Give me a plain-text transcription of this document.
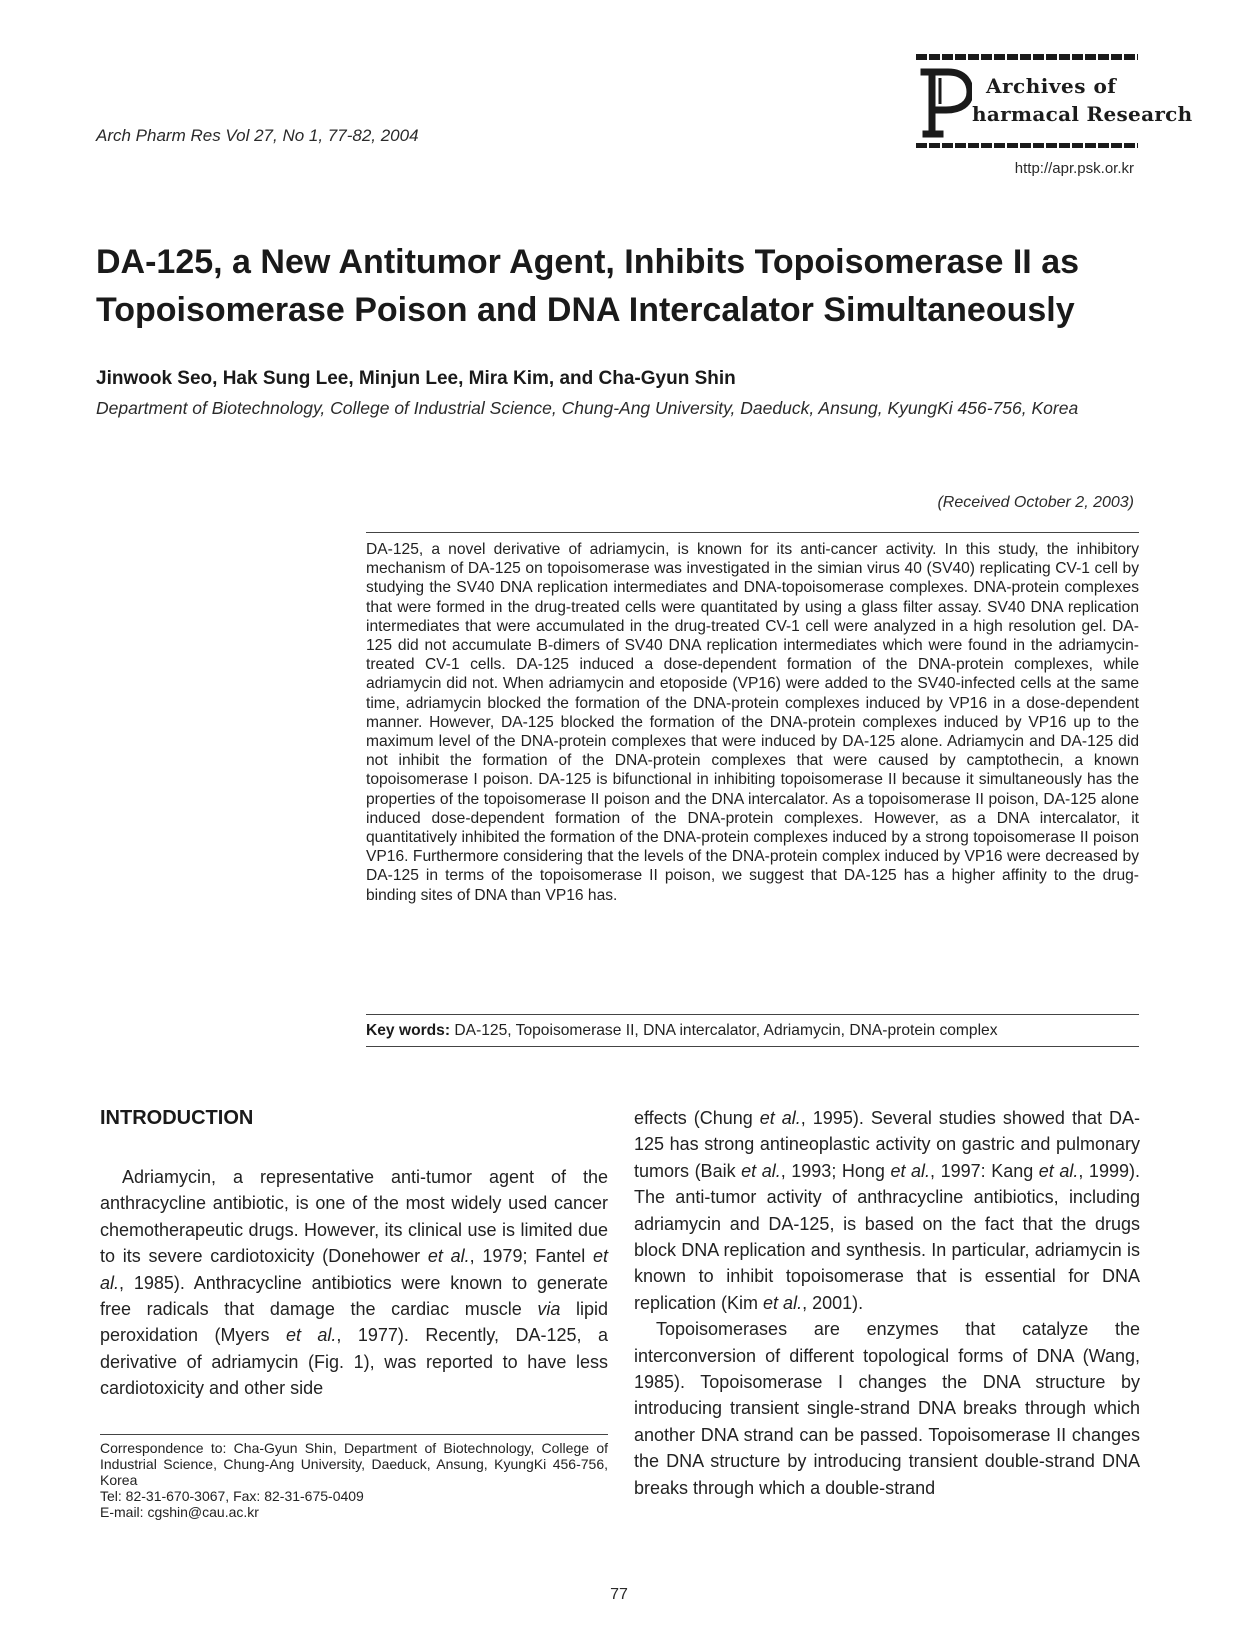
Arch Pharm Res Vol 27, No 1, 77-82, 2004
Archives of
harmacal Research
http://apr.psk.or.kr
DA-125, a New Antitumor Agent, Inhibits Topoisomerase II as Topoisomerase Poison and DNA Intercalator Simultaneously
Jinwook Seo, Hak Sung Lee, Minjun Lee, Mira Kim, and Cha-Gyun Shin
Department of Biotechnology, College of Industrial Science, Chung-Ang University, Daeduck, Ansung, KyungKi 456-756, Korea
(Received October 2, 2003)
DA-125, a novel derivative of adriamycin, is known for its anti-cancer activity. In this study, the inhibitory mechanism of DA-125 on topoisomerase was investigated in the simian virus 40 (SV40) replicating CV-1 cell by studying the SV40 DNA replication intermediates and DNA-topoisomerase complexes. DNA-protein complexes that were formed in the drug-treated cells were quantitated by using a glass filter assay. SV40 DNA replication intermediates that were accumulated in the drug-treated CV-1 cell were analyzed in a high resolution gel. DA-125 did not accumulate B-dimers of SV40 DNA replication intermediates which were found in the adriamycin-treated CV-1 cells. DA-125 induced a dose-dependent formation of the DNA-protein complexes, while adriamycin did not. When adriamycin and etoposide (VP16) were added to the SV40-infected cells at the same time, adriamycin blocked the formation of the DNA-protein complexes induced by VP16 in a dose-dependent manner. However, DA-125 blocked the formation of the DNA-protein complexes induced by VP16 up to the maximum level of the DNA-protein complexes that were induced by DA-125 alone. Adriamycin and DA-125 did not inhibit the formation of the DNA-protein complexes that were caused by camptothecin, a known topoisomerase I poison. DA-125 is bifunctional in inhibiting topoisomerase II because it simultaneously has the properties of the topoisomerase II poison and the DNA intercalator. As a topoisomerase II poison, DA-125 alone induced dose-dependent formation of the DNA-protein complexes. However, as a DNA intercalator, it quantitatively inhibited the formation of the DNA-protein complexes induced by a strong topoisomerase II poison VP16. Furthermore considering that the levels of the DNA-protein complex induced by VP16 were decreased by DA-125 in terms of the topoisomerase II poison, we suggest that DA-125 has a higher affinity to the drug-binding sites of DNA than VP16 has.
Key words: DA-125, Topoisomerase II, DNA intercalator, Adriamycin, DNA-protein complex
INTRODUCTION

Adriamycin, a representative anti-tumor agent of the anthracycline antibiotic, is one of the most widely used cancer chemotherapeutic drugs. However, its clinical use is limited due to its severe cardiotoxicity (Donehower et al., 1979; Fantel et al., 1985). Anthracycline antibiotics were known to generate free radicals that damage the cardiac muscle via lipid peroxidation (Myers et al., 1977). Recently, DA-125, a derivative of adriamycin (Fig. 1), was reported to have less cardiotoxicity and other side

Correspondence to: Cha-Gyun Shin, Department of Biotechnology, College of Industrial Science, Chung-Ang University, Daeduck, Ansung, KyungKi 456-756, Korea
Tel: 82-31-670-3067, Fax: 82-31-675-0409
E-mail: cgshin@cau.ac.kr

effects (Chung et al., 1995). Several studies showed that DA-125 has strong antineoplastic activity on gastric and pulmonary tumors (Baik et al., 1993; Hong et al., 1997: Kang et al., 1999). The anti-tumor activity of anthracycline antibiotics, including adriamycin and DA-125, is based on the fact that the drugs block DNA replication and synthesis. In particular, adriamycin is known to inhibit topoisomerase that is essential for DNA replication (Kim et al., 2001).

Topoisomerases are enzymes that catalyze the interconversion of different topological forms of DNA (Wang, 1985). Topoisomerase I changes the DNA structure by introducing transient single-strand DNA breaks through which another DNA strand can be passed. Topoisomerase II changes the DNA structure by introducing transient double-strand DNA breaks through which a double-strand

77
